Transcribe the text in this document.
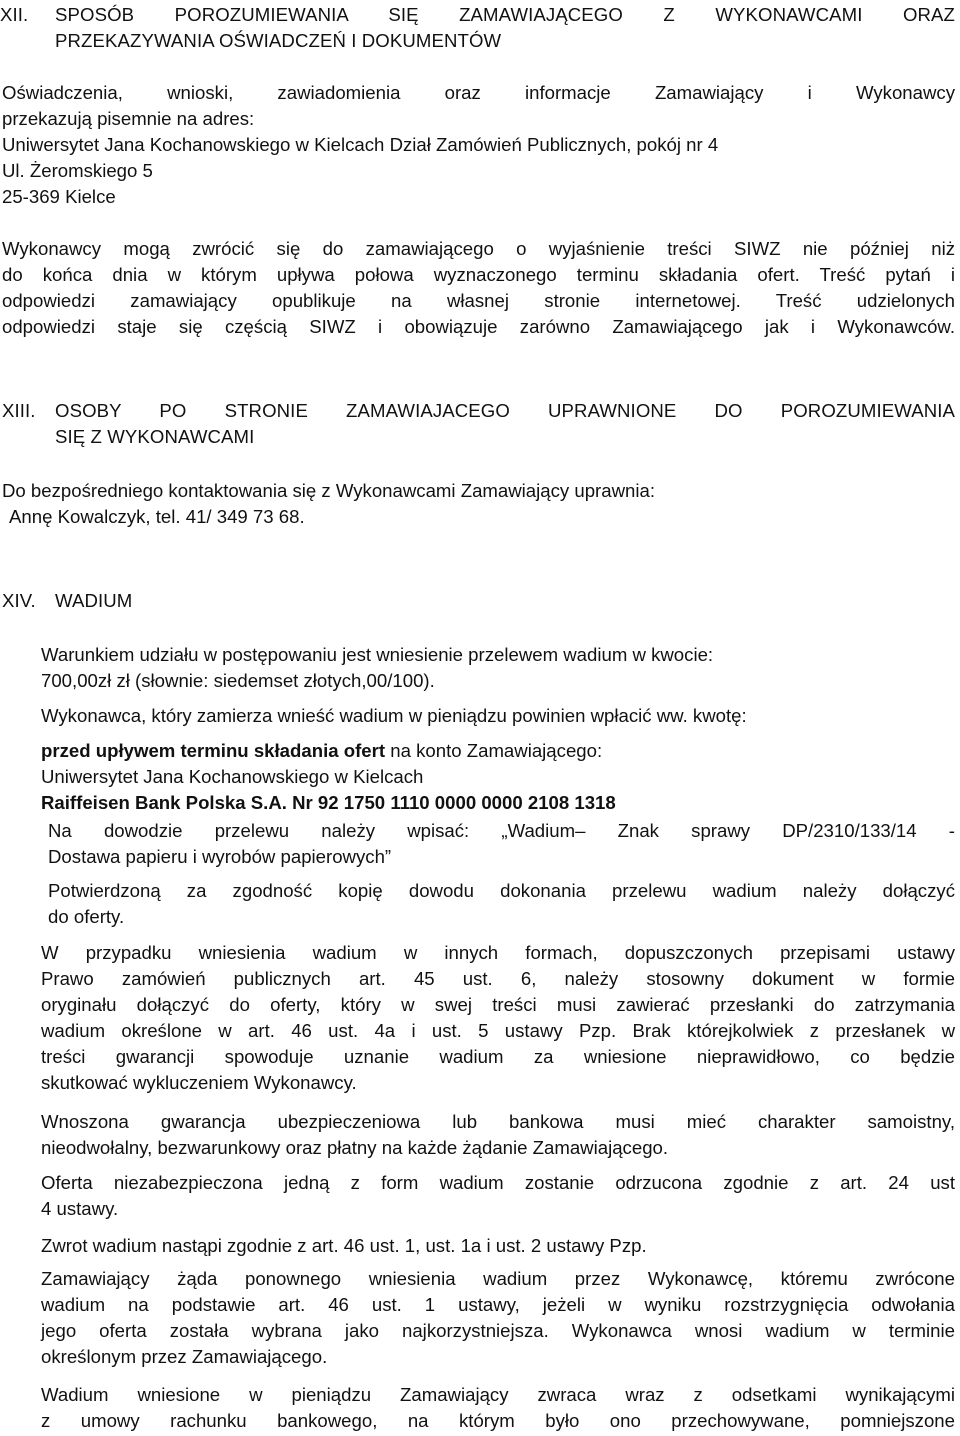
XII. SPOSÓB POROZUMIEWANIA SIĘ ZAMAWIAJĄCEGO Z WYKONAWCAMI ORAZ
PRZEKAZYWANIA OŚWIADCZEŃ I DOKUMENTÓW
Oświadczenia, wnioski, zawiadomienia oraz informacje Zamawiający i Wykonawcy
przekazują pisemnie na adres:
Uniwersytet Jana Kochanowskiego w Kielcach Dział Zamówień Publicznych, pokój nr 4
Ul. Żeromskiego 5
25-369 Kielce
Wykonawcy mogą zwrócić się do zamawiającego o wyjaśnienie treści SIWZ nie później niż
do końca dnia w którym upływa połowa wyznaczonego terminu składania ofert. Treść pytań i
odpowiedzi zamawiający opublikuje na własnej stronie internetowej. Treść udzielonych
odpowiedzi staje się częścią SIWZ i obowiązuje zarówno Zamawiającego jak i Wykonawców.
XIII. OSOBY PO STRONIE ZAMAWIAJACEGO UPRAWNIONE DO POROZUMIEWANIA
SIĘ Z WYKONAWCAMI
Do bezpośredniego kontaktowania się z Wykonawcami Zamawiający uprawnia:
Annę Kowalczyk, tel. 41/ 349 73 68.
XIV. WADIUM
Warunkiem udziału w postępowaniu jest wniesienie przelewem wadium w kwocie:
700,00zł zł (słownie: siedemset złotych,00/100).
Wykonawca, który zamierza wnieść wadium w pieniądzu powinien wpłacić ww. kwotę:
przed upływem terminu składania ofert na konto Zamawiającego:
Uniwersytet Jana Kochanowskiego w Kielcach
Raiffeisen Bank Polska S.A. Nr 92 1750 1110 0000 0000 2108 1318
Na dowodzie przelewu należy wpisać: „Wadium– Znak sprawy DP/2310/133/14 -
Dostawa papieru i wyrobów papierowych”
Potwierdzoną za zgodność kopię dowodu dokonania przelewu wadium należy dołączyć
do oferty.
W przypadku wniesienia wadium w innych formach, dopuszczonych przepisami ustawy
Prawo zamówień publicznych art. 45 ust. 6, należy stosowny dokument w formie
oryginału dołączyć do oferty, który w swej treści musi zawierać przesłanki do zatrzymania
wadium określone w art. 46 ust. 4a i ust. 5 ustawy Pzp. Brak którejkolwiek z przesłanek w
treści gwarancji spowoduje uznanie wadium za wniesione nieprawidłowo, co będzie
skutkować wykluczeniem Wykonawcy.
Wnoszona gwarancja ubezpieczeniowa lub bankowa musi mieć charakter samoistny,
nieodwołalny, bezwarunkowy oraz płatny na każde żądanie Zamawiającego.
Oferta niezabezpieczona jedną z form wadium zostanie odrzucona zgodnie z art. 24 ust
4 ustawy.
Zwrot wadium nastąpi zgodnie z art. 46 ust. 1, ust. 1a i ust. 2 ustawy Pzp.
Zamawiający żąda ponownego wniesienia wadium przez Wykonawcę, któremu zwrócone
wadium na podstawie art. 46 ust. 1 ustawy, jeżeli w wyniku rozstrzygnięcia odwołania
jego oferta została wybrana jako najkorzystniejsza. Wykonawca wnosi wadium w terminie
określonym przez Zamawiającego.
Wadium wniesione w pieniądzu Zamawiający zwraca wraz z odsetkami wynikającymi
z umowy rachunku bankowego, na którym było ono przechowywane, pomniejszone
